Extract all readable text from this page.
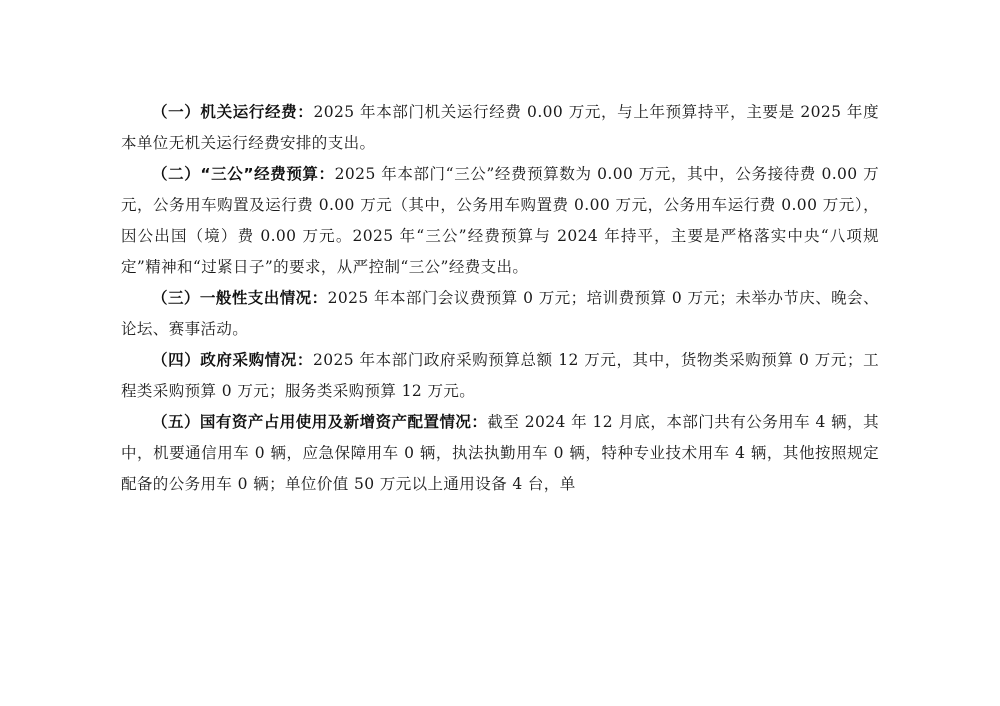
（一）机关运行经费：2025 年本部门机关运行经费 0.00 万元，与上年预算持平，主要是 2025 年度本单位无机关运行经费安排的支出。

（二）“三公”经费预算：2025 年本部门“三公”经费预算数为 0.00 万元，其中，公务接待费 0.00 万元，公务用车购置及运行费 0.00 万元（其中，公务用车购置费 0.00 万元，公务用车运行费 0.00 万元），因公出国（境）费 0.00 万元。2025 年“三公”经费预算与 2024 年持平，主要是严格落实中央“八项规定”精神和“过紧日子”的要求，从严控制“三公”经费支出。

（三）一般性支出情况：2025 年本部门会议费预算 0 万元；培训费预算 0 万元；未举办节庆、晚会、论坛、赛事活动。

（四）政府采购情况：2025 年本部门政府采购预算总额 12 万元，其中，货物类采购预算 0 万元；工程类采购预算 0 万元；服务类采购预算 12 万元。

（五）国有资产占用使用及新增资产配置情况：截至 2024 年 12 月底，本部门共有公务用车 4 辆，其中，机要通信用车 0 辆，应急保障用车 0 辆，执法执勤用车 0 辆，特种专业技术用车 4 辆，其他按照规定配备的公务用车 0 辆；单位价值 50 万元以上通用设备 4 台，单
